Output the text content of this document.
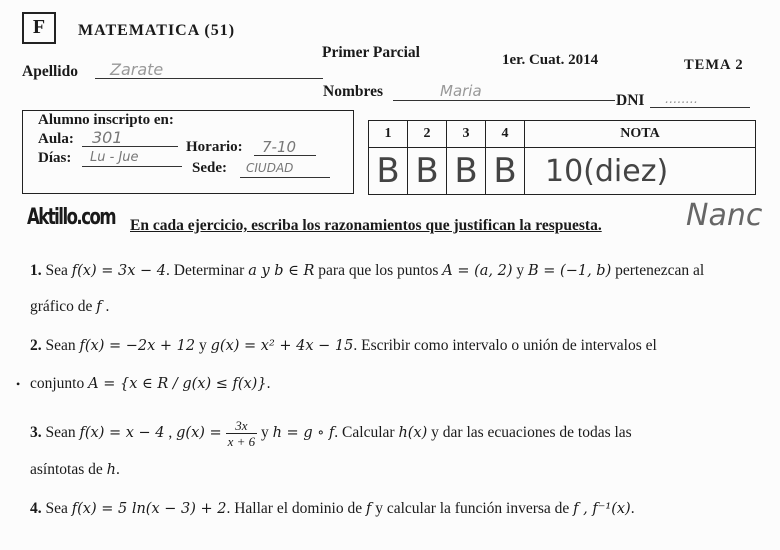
F	MATEMATICA (51)
Primer Parcial	1er. Cuat. 2014	TEMA 2
Apellido Zarate
Nombres	Maria
DNI ........
Alumno inscripto en:
Aula: 301	Horario: 7-10
Días: Lu - Jue
Sede: CIUDAD
1	2	3	4	NOTA
B	B	B	B	10(diez)
Nanc
Aktillo.com En cada ejercicio, escriba los razonamientos que justifican la respuesta.
1. Sea f(x) = 3x − 4. Determinar a y b ∈ R para que los puntos A = (a, 2) y B = (−1, b) pertenezcan al
gráfico de f .
2. Sean f(x) = −2x + 12 y g(x) = x² + 4x − 15. Escribir como intervalo o unión de intervalos el
conjunto A = {x ∈ R / g(x) ≤ f(x)}.
3. Sean f(x) = x − 4 , $g(x) = \frac{3x}{x + 6}$ y h = g ∘ f. Calcular h(x) y dar las ecuaciones de todas las
asíntotas de h.
4. Sea f(x) = 5 ln(x − 3) + 2. Hallar el dominio de f y calcular la función inversa de f , f⁻¹(x).
•
